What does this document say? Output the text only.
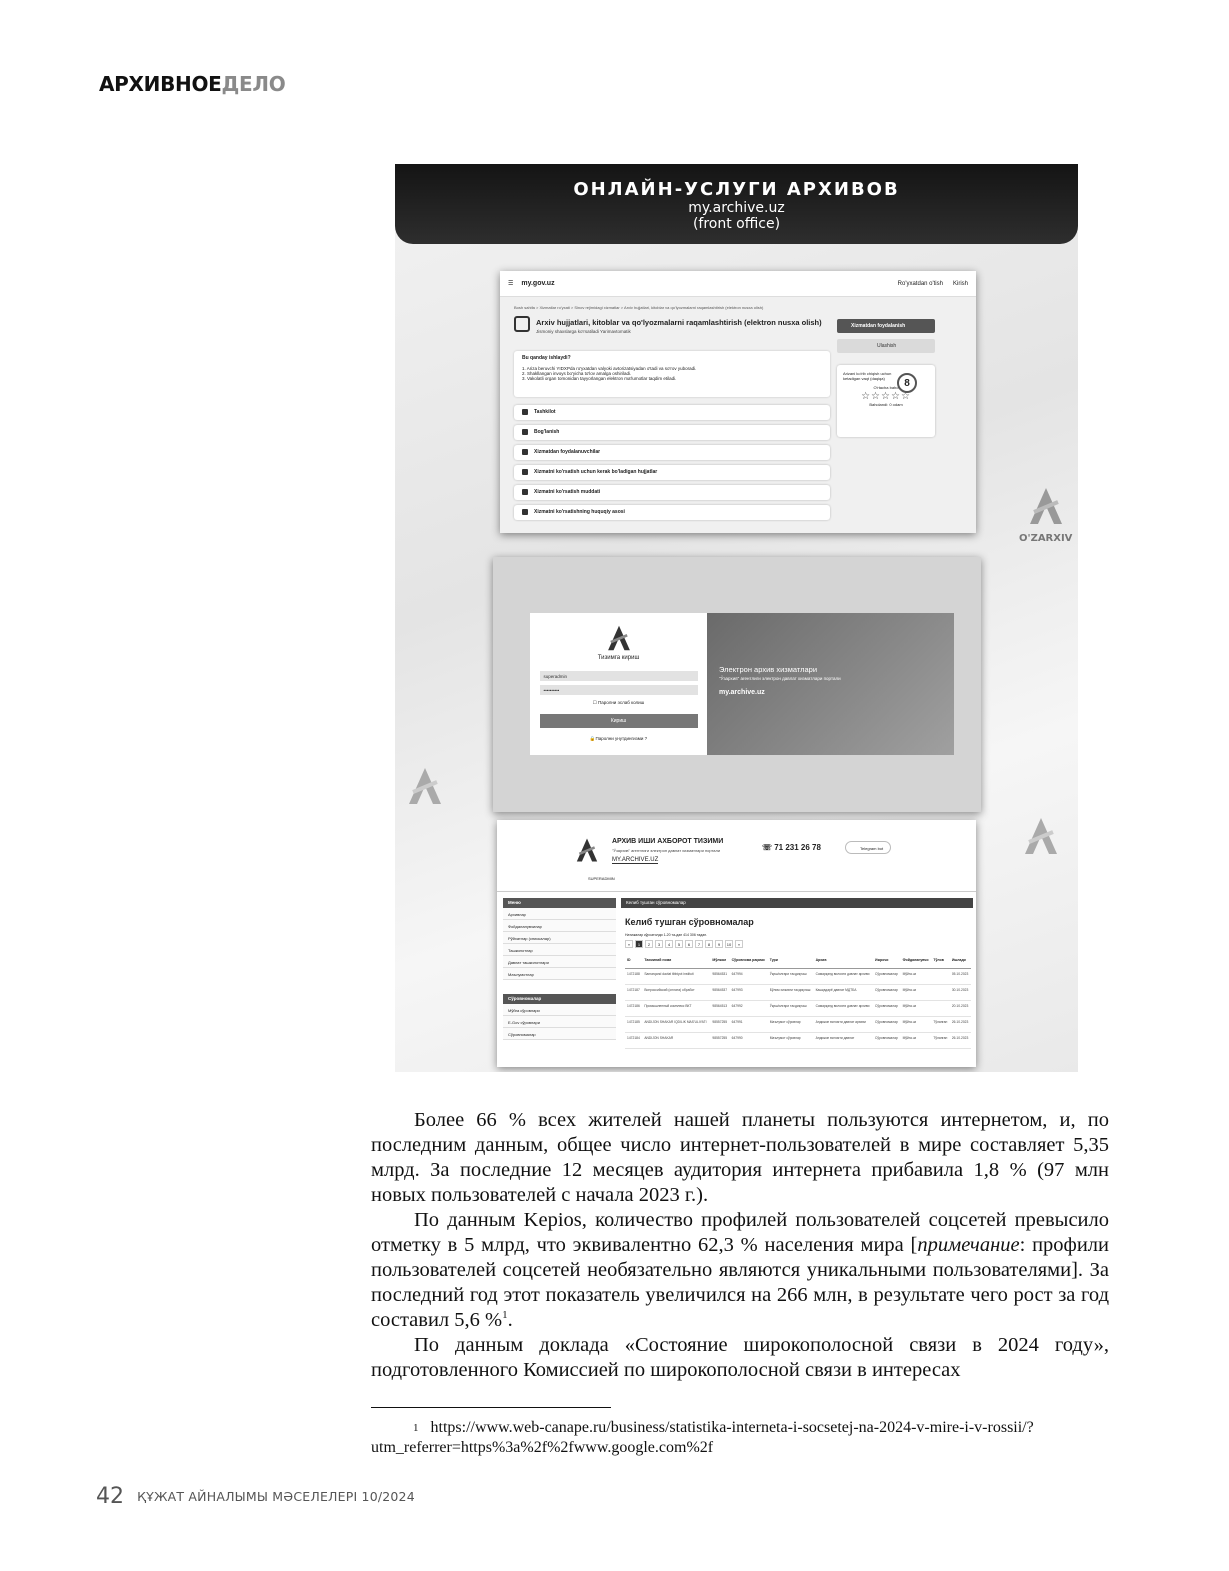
АРХИВНОЕДЕЛО
ОНЛАЙН-УСЛУГИ АРХИВОВ
my.archive.uz
(front office)
O'ZARXIV
☰ my.gov.uz	Ro'yxatdan o'tish Kirish
Bosh sahifa > Xizmatlar ro'yxati > Sinov rejimidagi xizmatlar > Arxiv hujjatlari, kitoblar va qo'lyozmalarni raqamlashtirish (elektron nusxa olish)
Arxiv hujjatlari, kitoblar va qo'lyozmalarni raqamlashtirish (elektron nusxa olish)
Jismoniy shaxslarga ko'rsatiladi Yarimavtomatik
Bu qanday ishlaydi?
1. Ariza beruvchi YIDXPda ro'yxatdan valyoki avtorizatsiyadan o'tadi va so'rov yuboradi.
2. Shakllangan invoys bo'yicha to'lov amalga oshiriladi.
3. Vakolatli organ tomonidan tayyorlangan elektron ma'lumotlar taqdim etiladi.
Tashkilot
Bog'lanish
Xizmatdan foydalanuvchilar
Xizmatni ko'rsatish uchun kerak bo'ladigan hujjatlar
Xizmatni ko'rsatish muddati
Xizmatni ko'rsatishning huquqiy asosi
Xizmatdan foydalanish
Ulashish
Arizani ko'rib chiqish uchun ketadigan vaqt (daqiqa)	8
O'rtacha baho
☆☆☆☆☆
Baholandi: 0 odam
Тизимга кириш
superadmin
••••••••••
☐ Паролни эслаб колиш
Кириш
🔒Паролни унутдингизми ?
Электрон архив хизматлари
"Ўзархив" агентлиги электрон давлат хизматлари портали
my.archive.uz
АРХИВ ИШИ АХБОРОТ ТИЗИМИ
"Ўзархив" агентлиги электрон давлат хизматлари портали
MY.ARCHIVE.UZ
☏ 71 231 26 78	Telegram bot
SUPERADMIN
Меню
Архивлар
Фойдаланувчилар
Рўйхатлар (спискалар)
Ташкилотлар
Давлат ташкилотлари
Маълумотлар
Сўровномалар
Мўйга сўровлари
Е-Gov сўровлари
Сўровномалар
Келиб тушган сўровномалар
Келиб тушган сўровномалар
Натижалар кўрсатилди 1-20 та-дан 414 306 тадан.
«	1	2	3	4	5	6	7	8	9	10	»
ID	Тахминий номи	Мўлжал	Сўровнома рақами	Тури	Архив	Ижрочи	Фойдаланувчи	Тўлов	Ишлади
1472188	Samarqand davlat tibbiyot instituti	98564531	647994	Ўқиш/илгари тасдиқлаш	Самарқанд вилояти давлат архиви	Сўровномалар	Мўйга.uz		05.10.2023
1472187	Всероссийский (оплата) обработ	98564537	647993	Бўлим хизмати тасдиқлаш	Кашқадарё давлат МДТБА	Сўровномалар	Мўйга.uz		30.10.2023
1472186	Промышленный комплекс ВКТ	98564513	647992	Ўқиш/илгари тасдиқлаш	Самарқанд вилояти давлат архиви	Сўровномалар	Мўйга.uz		20.10.2023
1472185	ANDIJON SHAKAR IQDILIK MAS'ULIYATI	98557255	647991	Маълумот сўровлар	Андижон вилояти давлат архиви	Сўровномалар	Мўйга.uz	Тўланган	26.10.2023
1472184	ANDIJON SHAKAR	98557255	647990	Маълумот сўровлар	Андижон вилояти давлат	Сўровномалар	Мўйга.uz	Тўланган	26.10.2023

Более 66 % всех жителей нашей планеты пользуются интернетом, и, по последним данным, общее число интернет-пользователей в мире составляет 5,35 млрд. За последние 12 месяцев аудитория интернета прибавила 1,8 % (97 млн новых пользователей с начала 2023 г.).

По данным Kepios, количество профилей пользователей соцсетей превысило отметку в 5 млрд, что эквивалентно 62,3 % населения мира [примечание: профили пользователей соцсетей необязательно являются уникальными пользователями]. За последний год этот показатель увеличился на 266 млн, в результате чего рост за год составил 5,6 %$^1$.

По данным доклада «Состояние широкополосной связи в 2024 году», подготовленного Комиссией по широкополосной связи в интересах

1 https://www.web-canape.ru/business/statistika-interneta-i-socsetej-na-2024-v-mire-i-v-rossii/?utm_referrer=https%3a%2f%2fwww.google.com%2f
42 ҚҰЖАТ АЙНАЛЫМЫ МӘСЕЛЕЛЕРІ 10/2024
